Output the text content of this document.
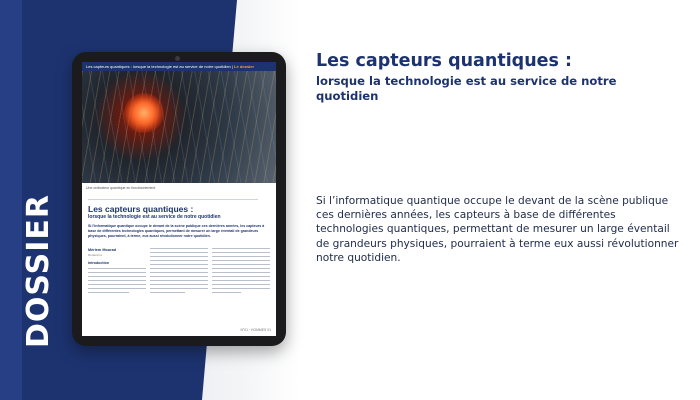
DOSSIER
Les capteurs quantiques : lorsque la technologie est au service de notre quotidien | Le dossier
Une ordinateur quantique en fonctionnement
Les capteurs quantiques :
lorsque la technologie est au service de notre quotidien
Si l'informatique quantique occupe le devant de la scène publique ces dernières années, les capteurs à base de différentes technologies quantiques, permettant de mesurer un large éventail de grandeurs physiques, pourraient, à terme, eux aussi révolutionner notre quotidien.
Mériem Mourad
Rédactrice
Introduction
N°01 · HOMMES 01
Les capteurs quantiques :
lorsque la technologie est au service de notre quotidien
Si l’informatique quantique occupe le devant de la scène publique ces dernières années, les capteurs à base de différentes technologies quantiques, permettant de mesurer un large éventail de grandeurs physiques, pourraient à terme eux aussi révolutionner notre quotidien.
